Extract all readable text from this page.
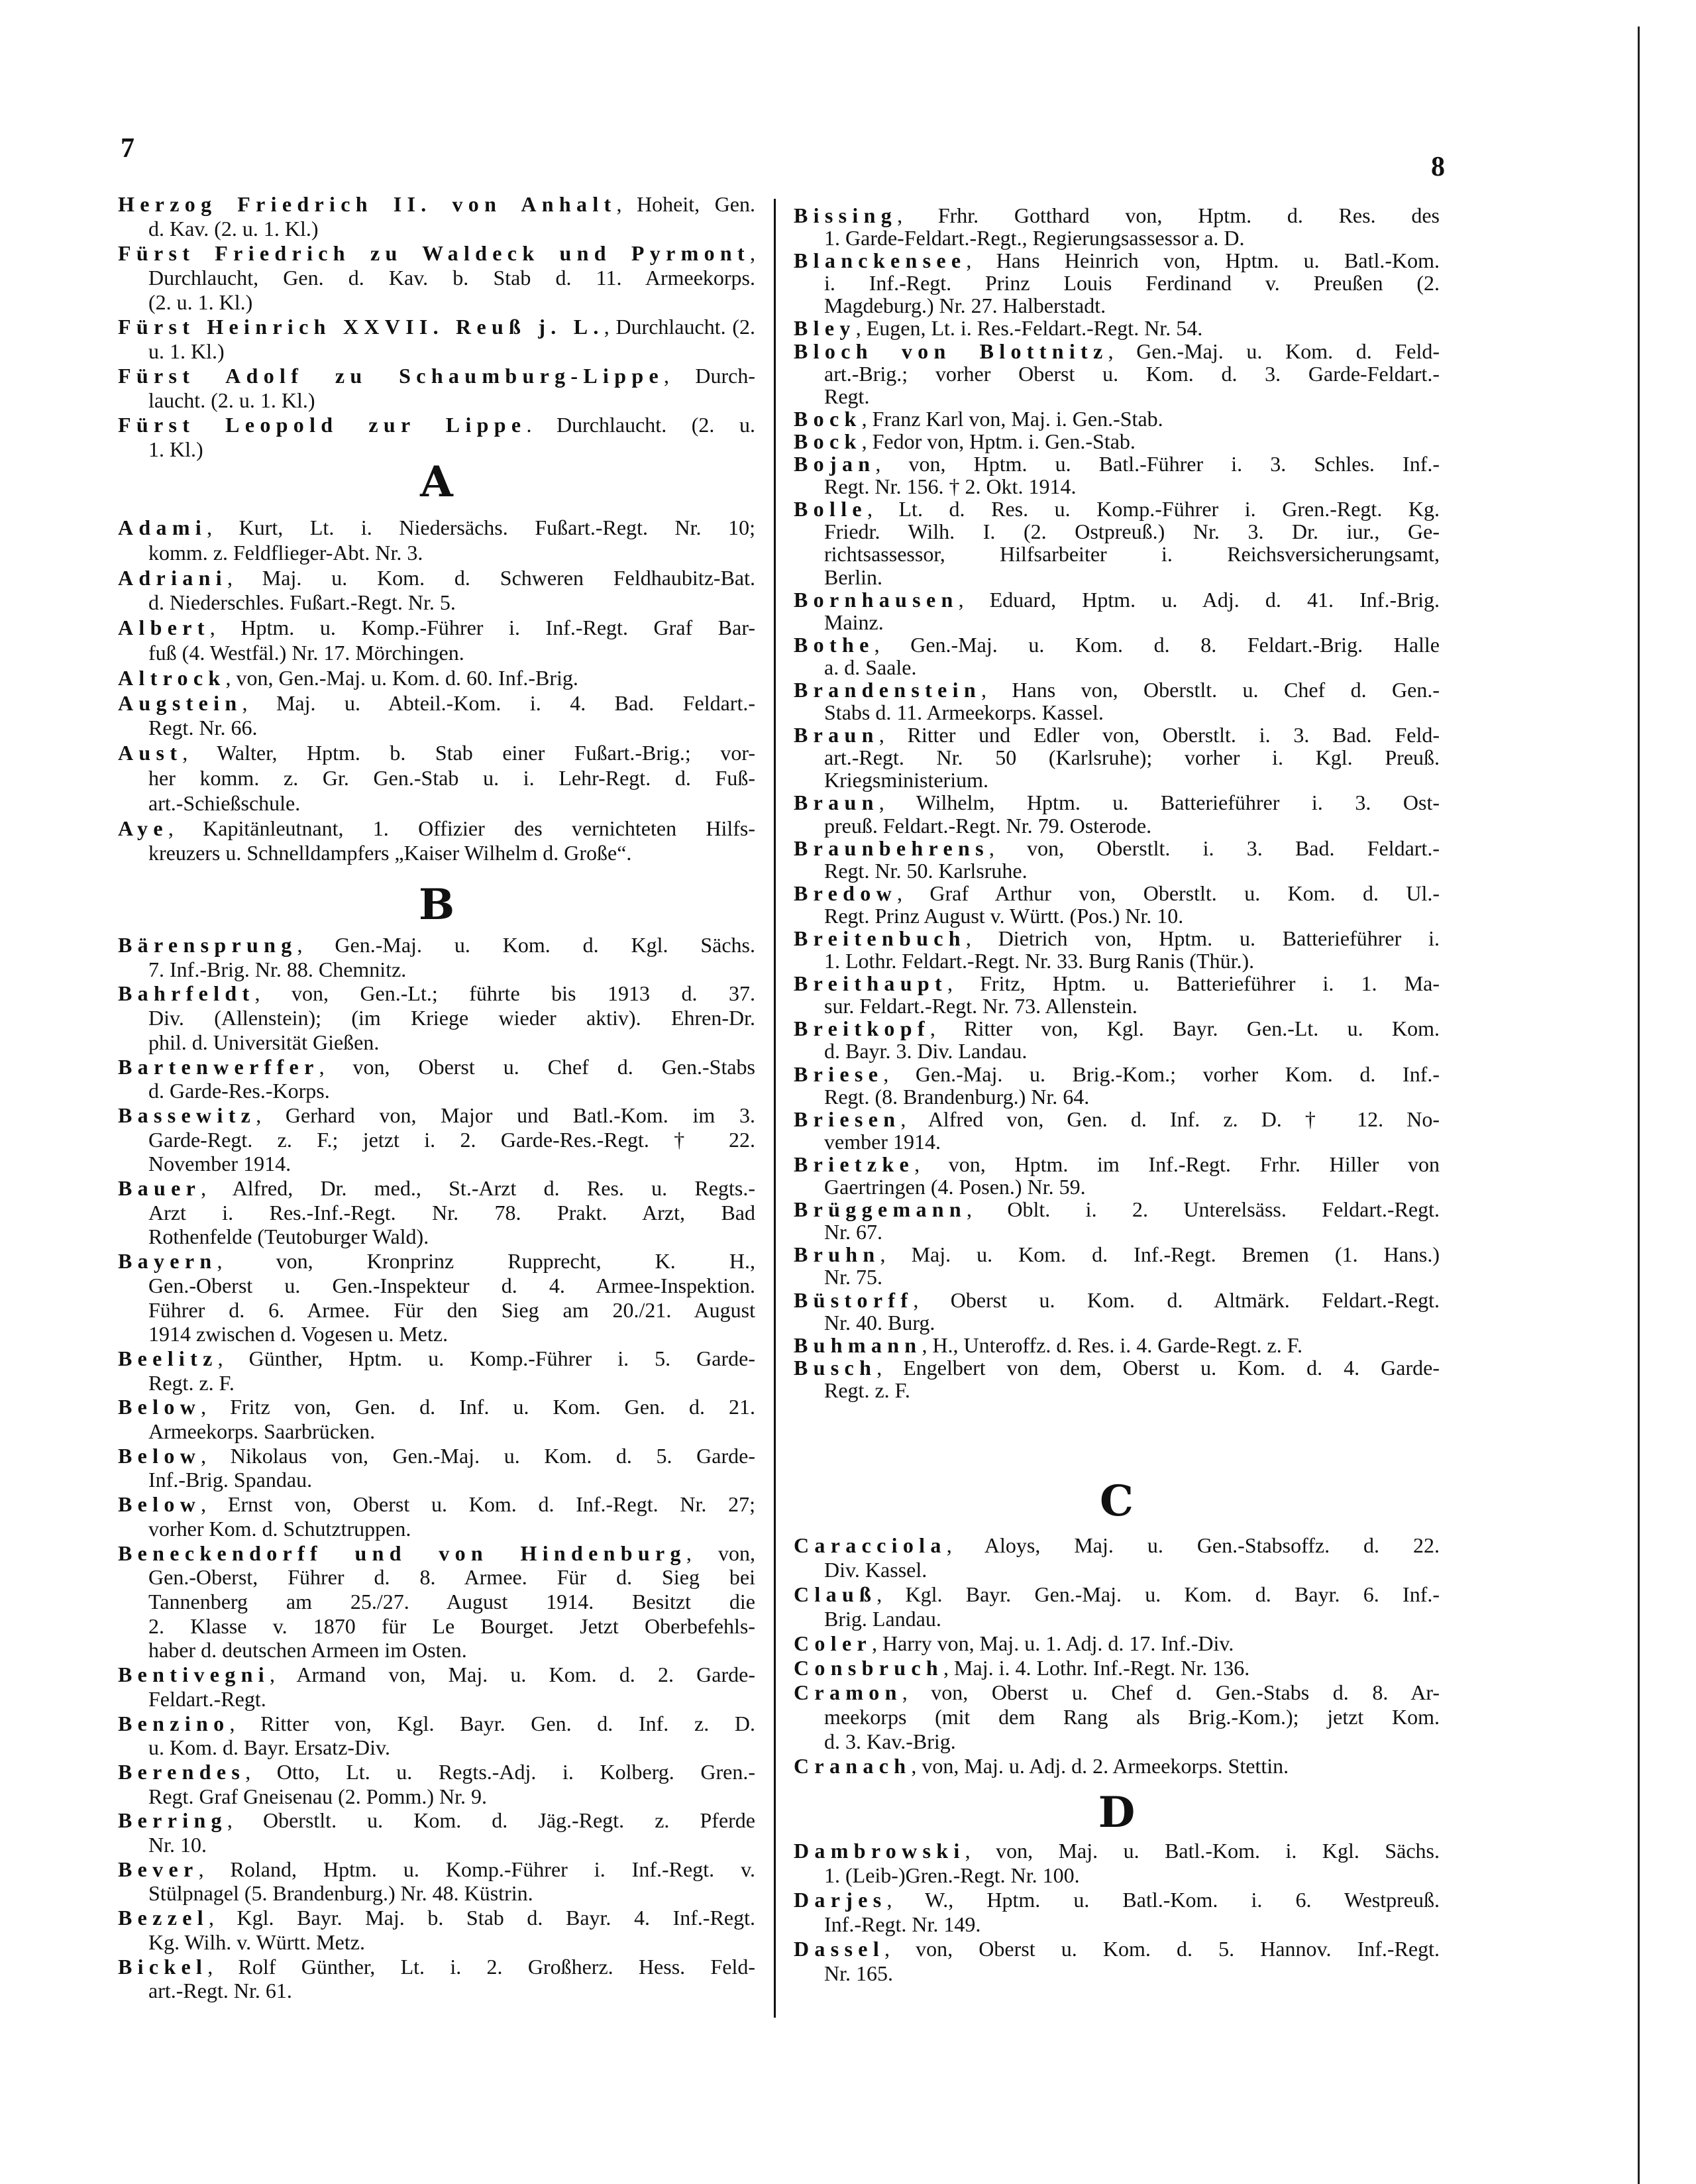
7
8
Herzog Friedrich II. von Anhalt, Hoheit, Gen.
d. Kav. (2. u. 1. Kl.)
Fürst Friedrich zu Waldeck und Pyrmont,
Durchlaucht, Gen. d. Kav. b. Stab d. 11. Armeekorps.
(2. u. 1. Kl.)
Fürst Heinrich XXVII. Reuß j. L., Durchlaucht. (2.
u. 1. Kl.)
Fürst Adolf zu Schaumburg-Lippe, Durch-
laucht. (2. u. 1. Kl.)
Fürst Leopold zur Lippe. Durchlaucht. (2. u.
1. Kl.)
A
Adami, Kurt, Lt. i. Niedersächs. Fußart.-Regt. Nr. 10;
komm. z. Feldflieger-Abt. Nr. 3.
Adriani, Maj. u. Kom. d. Schweren Feldhaubitz-Bat.
d. Niederschles. Fußart.-Regt. Nr. 5.
Albert, Hptm. u. Komp.-Führer i. Inf.-Regt. Graf Bar-
fuß (4. Westfäl.) Nr. 17. Mörchingen.
Altrock, von, Gen.-Maj. u. Kom. d. 60. Inf.-Brig.
Augstein, Maj. u. Abteil.-Kom. i. 4. Bad. Feldart.-
Regt. Nr. 66.
Aust, Walter, Hptm. b. Stab einer Fußart.-Brig.; vor-
her komm. z. Gr. Gen.-Stab u. i. Lehr-Regt. d. Fuß-
art.-Schießschule.
Aye, Kapitänleutnant, 1. Offizier des vernichteten Hilfs-
kreuzers u. Schnelldampfers „Kaiser Wilhelm d. Große“.
B
Bärensprung, Gen.-Maj. u. Kom. d. Kgl. Sächs.
7. Inf.-Brig. Nr. 88. Chemnitz.
Bahrfeldt, von, Gen.-Lt.; führte bis 1913 d. 37.
Div. (Allenstein); (im Kriege wieder aktiv). Ehren-Dr.
phil. d. Universität Gießen.
Bartenwerffer, von, Oberst u. Chef d. Gen.-Stabs
d. Garde-Res.-Korps.
Bassewitz, Gerhard von, Major und Batl.-Kom. im 3.
Garde-Regt. z. F.; jetzt i. 2. Garde-Res.-Regt. † 22.
November 1914.
Bauer, Alfred, Dr. med., St.-Arzt d. Res. u. Regts.-
Arzt i. Res.-Inf.-Regt. Nr. 78. Prakt. Arzt, Bad
Rothenfelde (Teutoburger Wald).
Bayern, von, Kronprinz Rupprecht, K. H.,
Gen.-Oberst u. Gen.-Inspekteur d. 4. Armee-Inspektion.
Führer d. 6. Armee. Für den Sieg am 20./21. August
1914 zwischen d. Vogesen u. Metz.
Beelitz, Günther, Hptm. u. Komp.-Führer i. 5. Garde-
Regt. z. F.
Below, Fritz von, Gen. d. Inf. u. Kom. Gen. d. 21.
Armeekorps. Saarbrücken.
Below, Nikolaus von, Gen.-Maj. u. Kom. d. 5. Garde-
Inf.-Brig. Spandau.
Below, Ernst von, Oberst u. Kom. d. Inf.-Regt. Nr. 27;
vorher Kom. d. Schutztruppen.
Beneckendorff und von Hindenburg, von,
Gen.-Oberst, Führer d. 8. Armee. Für d. Sieg bei
Tannenberg am 25./27. August 1914. Besitzt die
2. Klasse v. 1870 für Le Bourget. Jetzt Oberbefehls-
haber d. deutschen Armeen im Osten.
Bentivegni, Armand von, Maj. u. Kom. d. 2. Garde-
Feldart.-Regt.
Benzino, Ritter von, Kgl. Bayr. Gen. d. Inf. z. D.
u. Kom. d. Bayr. Ersatz-Div.
Berendes, Otto, Lt. u. Regts.-Adj. i. Kolberg. Gren.-
Regt. Graf Gneisenau (2. Pomm.) Nr. 9.
Berring, Oberstlt. u. Kom. d. Jäg.-Regt. z. Pferde
Nr. 10.
Bever, Roland, Hptm. u. Komp.-Führer i. Inf.-Regt. v.
Stülpnagel (5. Brandenburg.) Nr. 48. Küstrin.
Bezzel, Kgl. Bayr. Maj. b. Stab d. Bayr. 4. Inf.-Regt.
Kg. Wilh. v. Württ. Metz.
Bickel, Rolf Günther, Lt. i. 2. Großherz. Hess. Feld-
art.-Regt. Nr. 61.
Bissing, Frhr. Gotthard von, Hptm. d. Res. des
1. Garde-Feldart.-Regt., Regierungsassessor a. D.
Blanckensee, Hans Heinrich von, Hptm. u. Batl.-Kom.
i. Inf.-Regt. Prinz Louis Ferdinand v. Preußen (2.
Magdeburg.) Nr. 27. Halberstadt.
Bley, Eugen, Lt. i. Res.-Feldart.-Regt. Nr. 54.
Bloch von Blottnitz, Gen.-Maj. u. Kom. d. Feld-
art.-Brig.; vorher Oberst u. Kom. d. 3. Garde-Feldart.-
Regt.
Bock, Franz Karl von, Maj. i. Gen.-Stab.
Bock, Fedor von, Hptm. i. Gen.-Stab.
Bojan, von, Hptm. u. Batl.-Führer i. 3. Schles. Inf.-
Regt. Nr. 156. † 2. Okt. 1914.
Bolle, Lt. d. Res. u. Komp.-Führer i. Gren.-Regt. Kg.
Friedr. Wilh. I. (2. Ostpreuß.) Nr. 3. Dr. iur., Ge-
richtsassessor, Hilfsarbeiter i. Reichsversicherungsamt,
Berlin.
Bornhausen, Eduard, Hptm. u. Adj. d. 41. Inf.-Brig.
Mainz.
Bothe, Gen.-Maj. u. Kom. d. 8. Feldart.-Brig. Halle
a. d. Saale.
Brandenstein, Hans von, Oberstlt. u. Chef d. Gen.-
Stabs d. 11. Armeekorps. Kassel.
Braun, Ritter und Edler von, Oberstlt. i. 3. Bad. Feld-
art.-Regt. Nr. 50 (Karlsruhe); vorher i. Kgl. Preuß.
Kriegsministerium.
Braun, Wilhelm, Hptm. u. Batterieführer i. 3. Ost-
preuß. Feldart.-Regt. Nr. 79. Osterode.
Braunbehrens, von, Oberstlt. i. 3. Bad. Feldart.-
Regt. Nr. 50. Karlsruhe.
Bredow, Graf Arthur von, Oberstlt. u. Kom. d. Ul.-
Regt. Prinz August v. Württ. (Pos.) Nr. 10.
Breitenbuch, Dietrich von, Hptm. u. Batterieführer i.
1. Lothr. Feldart.-Regt. Nr. 33. Burg Ranis (Thür.).
Breithaupt, Fritz, Hptm. u. Batterieführer i. 1. Ma-
sur. Feldart.-Regt. Nr. 73. Allenstein.
Breitkopf, Ritter von, Kgl. Bayr. Gen.-Lt. u. Kom.
d. Bayr. 3. Div. Landau.
Briese, Gen.-Maj. u. Brig.-Kom.; vorher Kom. d. Inf.-
Regt. (8. Brandenburg.) Nr. 64.
Briesen, Alfred von, Gen. d. Inf. z. D. † 12. No-
vember 1914.
Brietzke, von, Hptm. im Inf.-Regt. Frhr. Hiller von
Gaertringen (4. Posen.) Nr. 59.
Brüggemann, Oblt. i. 2. Unterelsäss. Feldart.-Regt.
Nr. 67.
Bruhn, Maj. u. Kom. d. Inf.-Regt. Bremen (1. Hans.)
Nr. 75.
Büstorff, Oberst u. Kom. d. Altmärk. Feldart.-Regt.
Nr. 40. Burg.
Buhmann, H., Unteroffz. d. Res. i. 4. Garde-Regt. z. F.
Busch, Engelbert von dem, Oberst u. Kom. d. 4. Garde-
Regt. z. F.
C
Caracciola, Aloys, Maj. u. Gen.-Stabsoffz. d. 22.
Div. Kassel.
Clauß, Kgl. Bayr. Gen.-Maj. u. Kom. d. Bayr. 6. Inf.-
Brig. Landau.
Coler, Harry von, Maj. u. 1. Adj. d. 17. Inf.-Div.
Consbruch, Maj. i. 4. Lothr. Inf.-Regt. Nr. 136.
Cramon, von, Oberst u. Chef d. Gen.-Stabs d. 8. Ar-
meekorps (mit dem Rang als Brig.-Kom.); jetzt Kom.
d. 3. Kav.-Brig.
Cranach, von, Maj. u. Adj. d. 2. Armeekorps. Stettin.
D
Dambrowski, von, Maj. u. Batl.-Kom. i. Kgl. Sächs.
1. (Leib-)Gren.-Regt. Nr. 100.
Darjes, W., Hptm. u. Batl.-Kom. i. 6. Westpreuß.
Inf.-Regt. Nr. 149.
Dassel, von, Oberst u. Kom. d. 5. Hannov. Inf.-Regt.
Nr. 165.
